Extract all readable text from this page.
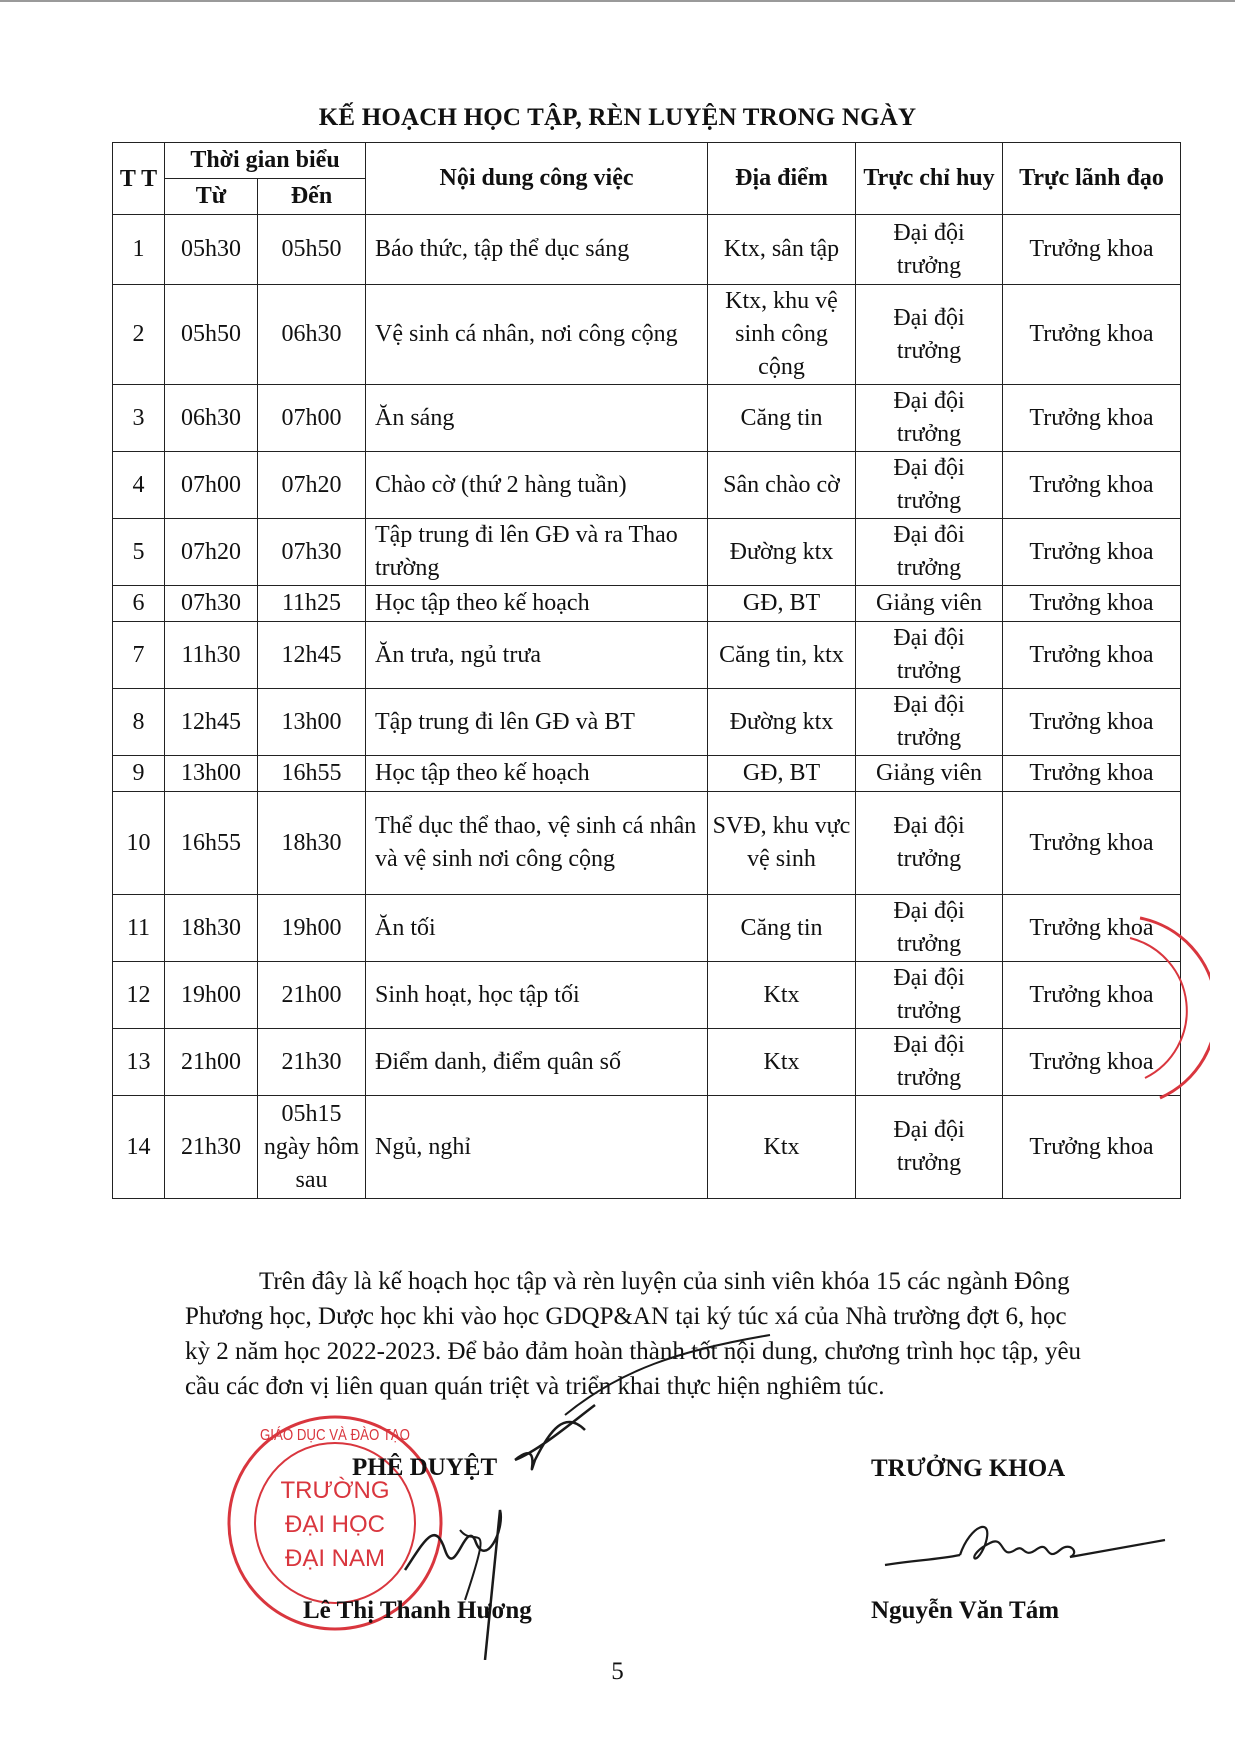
KẾ HOẠCH HỌC TẬP, RÈN LUYỆN TRONG NGÀY
T T	Thời gian biểu		Nội dung công việc	Địa điểm	Trực chỉ huy	Trực lãnh đạo
	Từ	Đến				
1	05h30	05h50	Báo thức, tập thể dục sáng	Ktx, sân tập	Đại đội trưởng	Trưởng khoa
2	05h50	06h30	Vệ sinh cá nhân, nơi công cộng	Ktx, khu vệ sinh công cộng	Đại đội trưởng	Trưởng khoa
3	06h30	07h00	Ăn sáng	Căng tin	Đại đội trưởng	Trưởng khoa
4	07h00	07h20	Chào cờ (thứ 2 hàng tuần)	Sân chào cờ	Đại đội trưởng	Trưởng khoa
5	07h20	07h30	Tập trung đi lên GĐ và ra Thao trường	Đường ktx	Đại đôi trưởng	Trưởng khoa
6	07h30	11h25	Học tập theo kế hoạch	GĐ, BT	Giảng viên	Trưởng khoa
7	11h30	12h45	Ăn trưa, ngủ trưa	Căng tin, ktx	Đại đội trưởng	Trưởng khoa
8	12h45	13h00	Tập trung đi lên GĐ và BT	Đường ktx	Đại đội trưởng	Trưởng khoa
9	13h00	16h55	Học tập theo kế hoạch	GĐ, BT	Giảng viên	Trưởng khoa
10	16h55	18h30	Thể dục thể thao, vệ sinh cá nhân và vệ sinh nơi công cộng	SVĐ, khu vực vệ sinh	Đại đội trưởng	Trưởng khoa
11	18h30	19h00	Ăn tối	Căng tin	Đại đội trưởng	Trưởng khoa
12	19h00	21h00	Sinh hoạt, học tập tối	Ktx	Đại đội trưởng	Trưởng khoa
13	21h00	21h30	Điểm danh, điểm quân số	Ktx	Đại đội trưởng	Trưởng khoa
14	21h30	05h15 ngày hôm sau	Ngủ, nghỉ	Ktx	Đại đội trưởng	Trưởng khoa
Trên đây là kế hoạch học tập và rèn luyện của sinh viên khóa 15 các ngành Đông
Phương học, Dược học khi vào học GDQP&AN tại ký túc xá của Nhà trường đợt 6, học
kỳ 2 năm học 2022-2023. Để bảo đảm hoàn thành tốt nội dung, chương trình học tập, yêu
cầu các đơn vị liên quan quán triệt và triển khai thực hiện nghiêm túc.
GIÁO DỤC VÀ ĐÀO TẠO
TRƯỜNG
ĐẠI HỌC
ĐẠI NAM
PHÊ DUYỆT	TRƯỞNG KHOA
Lê Thị Thanh Hương	Nguyễn Văn Tám
5
